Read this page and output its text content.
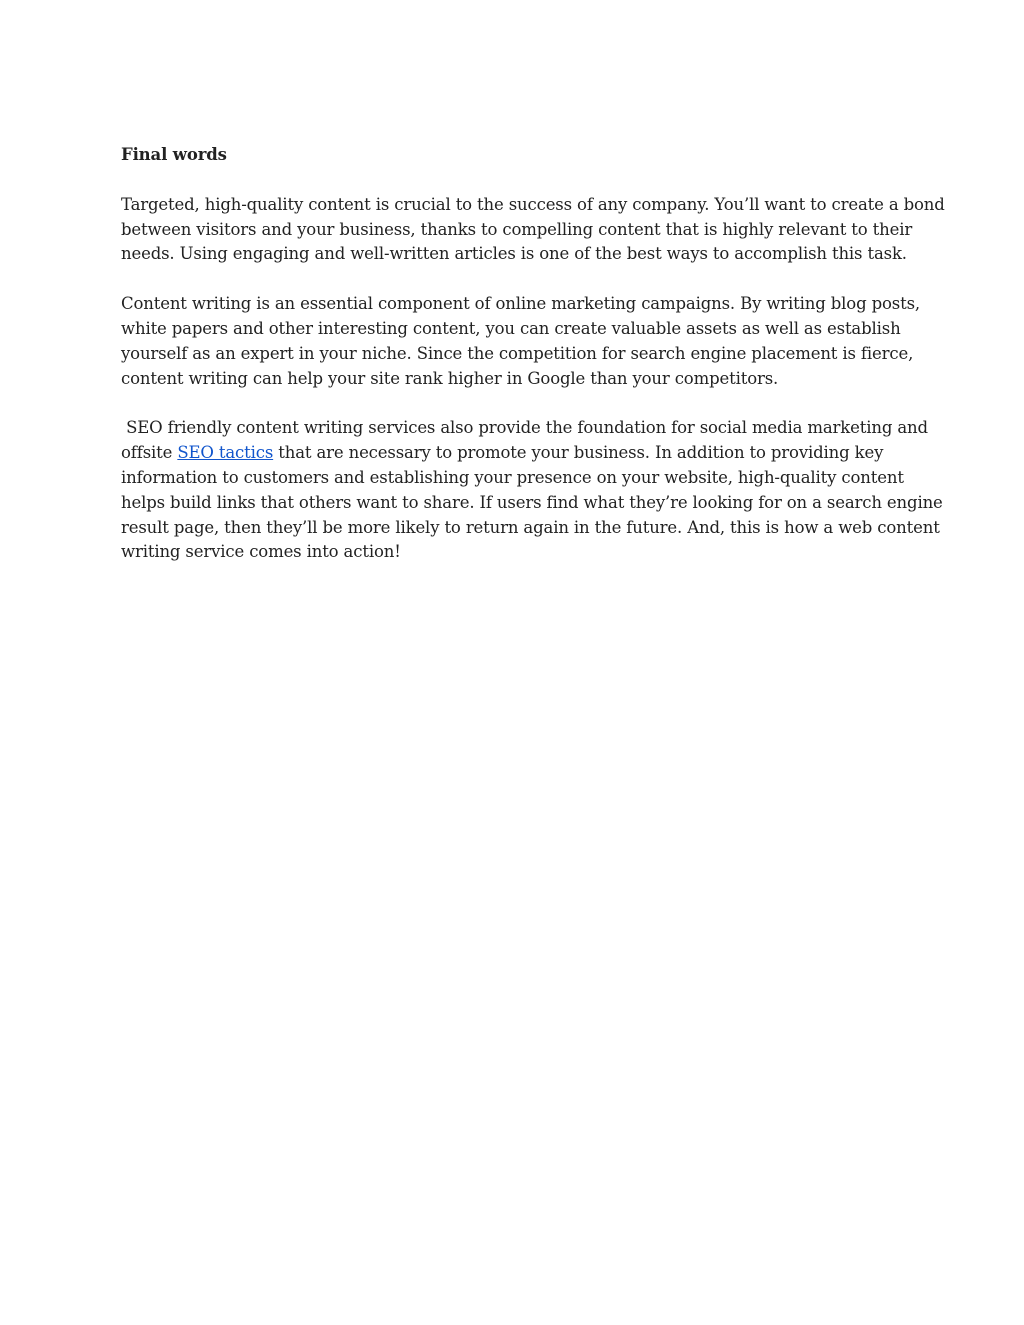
Final words
Targeted, high-quality content is crucial to the success of any company. You’ll want to create a bond
between visitors and your business, thanks to compelling content that is highly relevant to their
needs. Using engaging and well-written articles is one of the best ways to accomplish this task.
Content writing is an essential component of online marketing campaigns. By writing blog posts,
white papers and other interesting content, you can create valuable assets as well as establish
yourself as an expert in your niche. Since the competition for search engine placement is fierce,
content writing can help your site rank higher in Google than your competitors.
SEO friendly content writing services also provide the foundation for social media marketing and
offsite SEO tactics that are necessary to promote your business. In addition to providing key
information to customers and establishing your presence on your website, high-quality content
helps build links that others want to share. If users find what they’re looking for on a search engine
result page, then they’ll be more likely to return again in the future. And, this is how a web content
writing service comes into action!
